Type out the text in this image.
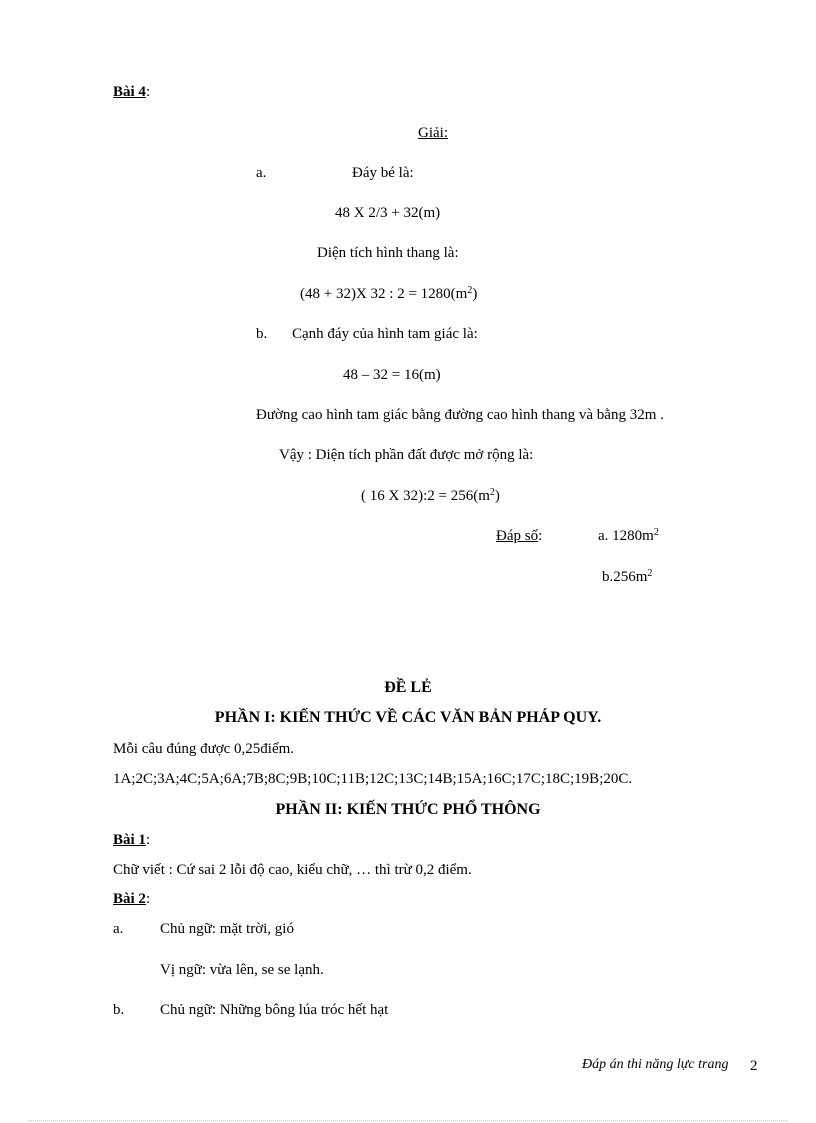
Bài 4:
Giải:
a.	Đáy bé là:
48 X 2/3 + 32(m)
Diện tích hình thang là:
(48 + 32)X 32 : $2 = 1280(m^2)$
b. Cạnh đáy của hình tam giác là:
48 – 32 = 16(m)
Đường cao hình tam giác bằng đường cao hình thang và bằng 32m .
Vậy : Diện tích phần đất được mở rộng là:
( 16 X 32):2 = $256(m^2)$
Đáp số:	a. $1280m^2$
$b.256m^2$
ĐỀ LẺ
PHẦN I: KIẾN THỨC VỀ CÁC VĂN BẢN PHÁP QUY.
Mỗi câu đúng được 0,25điểm.
1A;2C;3A;4C;5A;6A;7B;8C;9B;10C;11B;12C;13C;14B;15A;16C;17C;18C;19B;20C.
PHẦN II: KIẾN THỨC PHỔ THÔNG
Bài 1:
Chữ viết : Cứ sai 2 lỗi độ cao, kiểu chữ, … thì trừ 0,2 điểm.
Bài 2:
a. Chủ ngữ: mặt trời, gió
Vị ngữ: vừa lên, se se lạnh.
b. Chủ ngữ: Những bông lúa tróc hết hạt
Đáp án thi năng lực trang 2
